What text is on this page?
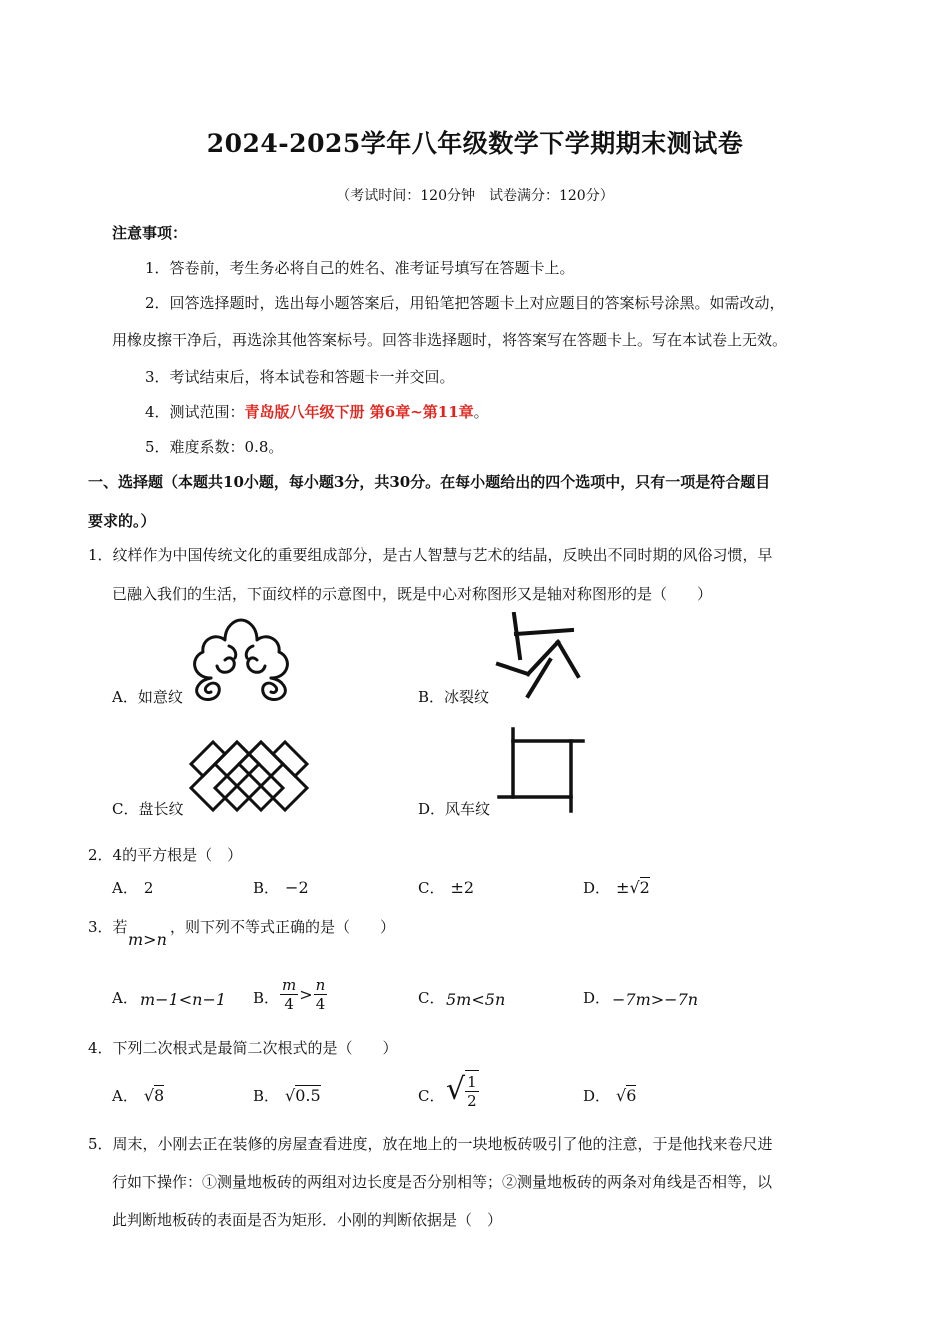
2024-2025学年八年级数学下学期期末测试卷
（考试时间：120分钟　试卷满分：120分）
注意事项：
1．答卷前，考生务必将自己的姓名、准考证号填写在答题卡上。
2．回答选择题时，选出每小题答案后，用铅笔把答题卡上对应题目的答案标号涂黑。如需改动，
用橡皮擦干净后，再选涂其他答案标号。回答非选择题时，将答案写在答题卡上。写在本试卷上无效。
3．考试结束后，将本试卷和答题卡一并交回。
4．测试范围：青岛版八年级下册 第6章~第11章。
5．难度系数：0.8。
一、选择题（本题共10小题，每小题3分，共30分。在每小题给出的四个选项中，只有一项是符合题目
要求的。）
1．纹样作为中国传统文化的重要组成部分，是古人智慧与艺术的结晶，反映出不同时期的风俗习惯，早
已融入我们的生活，下面纹样的示意图中，既是中心对称图形又是轴对称图形的是（　　）
A．如意纹	B．冰裂纹
C．盘长纹	D．风车纹
2．4的平方根是（　）
A． 2	B． −2	C． ±2	D． ±√2
3．若
m>n
，则下列不等式正确的是（　　）
A． m−1<n−1 B． $\frac{m}{4} > \frac{n}{4}$	C． 5m<5n	D． −7m>−7n
4．下列二次根式是最简二次根式的是（　　）
A． √8	B． √0.5	C． √ $\frac{1}{2}$	D． √6
5．周末，小刚去正在装修的房屋查看进度，放在地上的一块地板砖吸引了他的注意，于是他找来卷尺进
行如下操作：①测量地板砖的两组对边长度是否分别相等；②测量地板砖的两条对角线是否相等，以
此判断地板砖的表面是否为矩形．小刚的判断依据是（　）
